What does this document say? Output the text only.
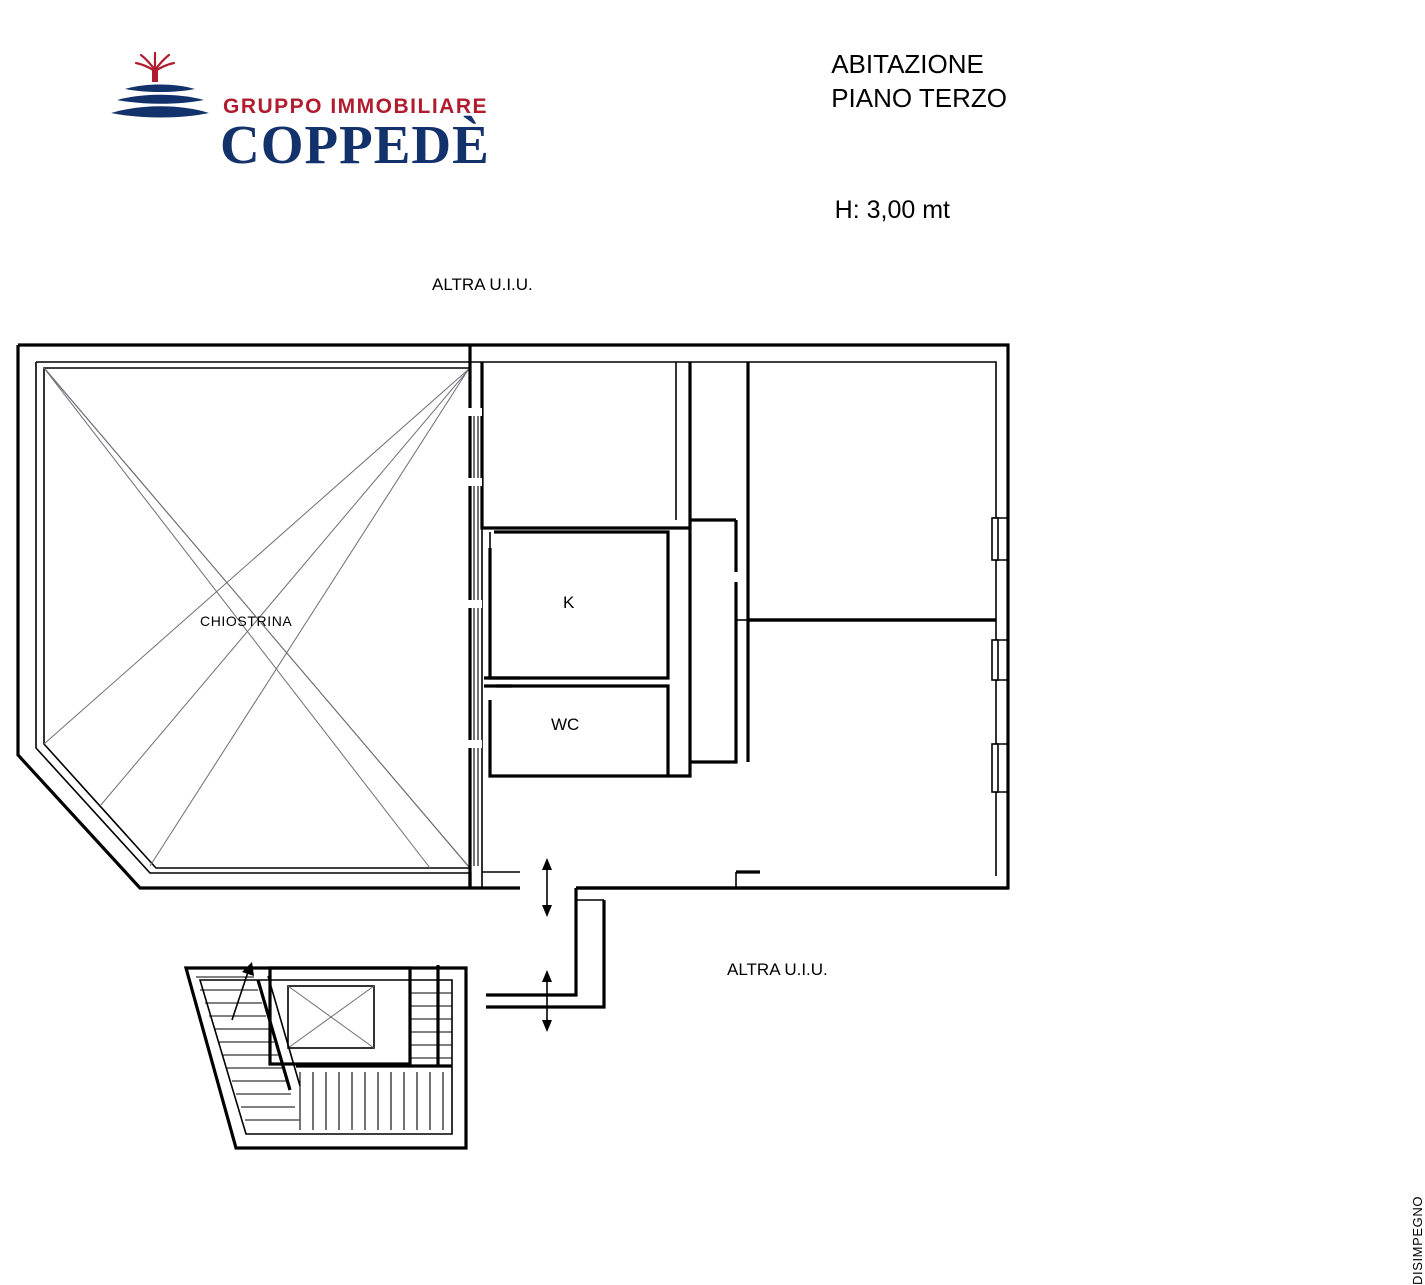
GRUPPO IMMOBILIARE
COPPEDÈ
ABITAZIONE
PIANO TERZO
H: 3,00 mt
ALTRA U.I.U.
ALTRA U.I.U.
CHIOSTRINA
K
WC
DISIMPEGNO
